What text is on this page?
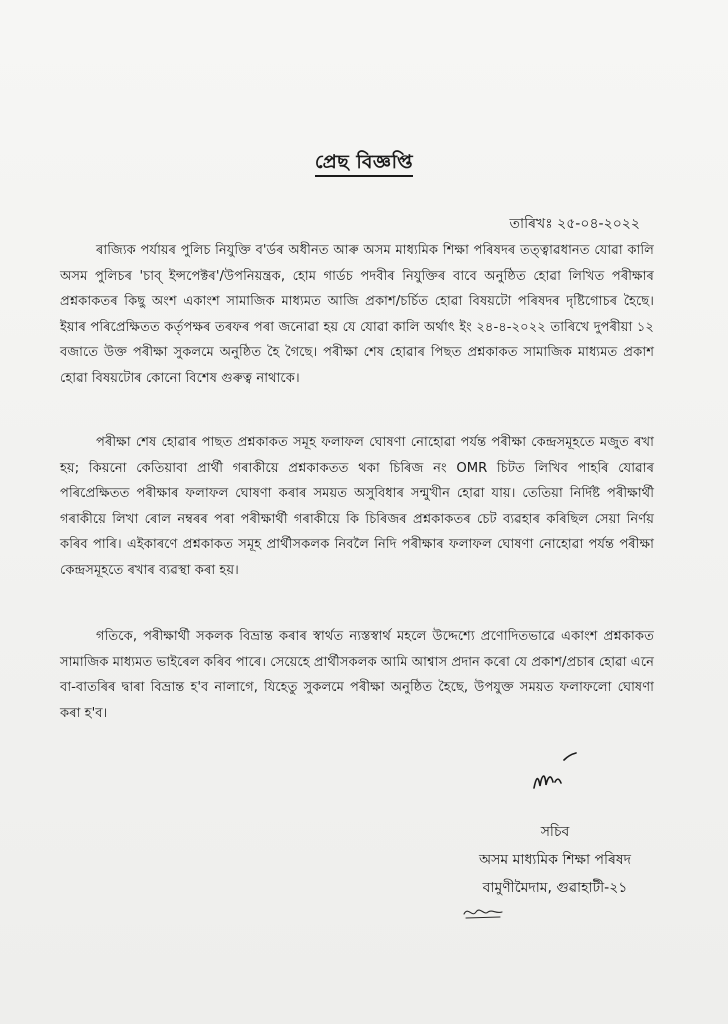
প্ৰেছ বিজ্ঞপ্তি
তাৰিখঃ ২৫-০৪-২০২২

ৰাজ্যিক পৰ্যায়ৰ পুলিচ নিযুক্তি ব'ৰ্ডৰ অধীনত আৰু অসম মাধ্যমিক শিক্ষা পৰিষদৰ তত্ত্বাৱধানত যোৱা কালি অসম পুলিচৰ 'চাব্ ইন্সপেক্টৰ'/উপনিয়ন্ত্ৰক, হোম গাৰ্ডচ পদবীৰ নিযুক্তিৰ বাবে অনুষ্ঠিত হোৱা লিখিত পৰীক্ষাৰ প্ৰশ্নকাকতৰ কিছু অংশ একাংশ সামাজিক মাধ্যমত আজি প্ৰকাশ/চৰ্চিত হোৱা বিষয়টো পৰিষদৰ দৃষ্টিগোচৰ হৈছে। ইয়াৰ পৰিপ্ৰেক্ষিতত কৰ্তৃপক্ষৰ তৰফৰ পৰা জনোৱা হয় যে যোৱা কালি অৰ্থাৎ ইং ২৪-৪-২০২২ তাৰিখে দুপৰীয়া ১২ বজাতে উক্ত পৰীক্ষা সুকলমে অনুষ্ঠিত হৈ গৈছে। পৰীক্ষা শেষ হোৱাৰ পিছত প্ৰশ্নকাকত সামাজিক মাধ্যমত প্ৰকাশ হোৱা বিষয়টোৰ কোনো বিশেষ গুৰুত্ব নাথাকে।

পৰীক্ষা শেষ হোৱাৰ পাছত প্ৰশ্নকাকত সমূহ ফলাফল ঘোষণা নোহোৱা পৰ্যন্ত পৰীক্ষা কেন্দ্ৰসমূহতে মজুত ৰখা হয়; কিয়নো কেতিয়াবা প্ৰাৰ্থী গৰাকীয়ে প্ৰশ্নকাকতত থকা চিৰিজ নং OMR চিটত লিখিব পাহৰি যোৱাৰ পৰিপ্ৰেক্ষিতত পৰীক্ষাৰ ফলাফল ঘোষণা কৰাৰ সময়ত অসুবিধাৰ সন্মুখীন হোৱা যায়। তেতিয়া নিৰ্দিষ্ট পৰীক্ষাৰ্থী গৰাকীয়ে লিখা ৰোল নম্বৰৰ পৰা পৰীক্ষাৰ্থী গৰাকীয়ে কি চিৰিজৰ প্ৰশ্নকাকতৰ চেট ব্যৱহাৰ কৰিছিল সেয়া নিৰ্ণয় কৰিব পাৰি। এইকাৰণে প্ৰশ্নকাকত সমূহ প্ৰাৰ্থীসকলক নিবলৈ নিদি পৰীক্ষাৰ ফলাফল ঘোষণা নোহোৱা পৰ্যন্ত পৰীক্ষা কেন্দ্ৰসমূহতে ৰখাৰ ব্যৱস্থা কৰা হয়।

গতিকে, পৰীক্ষাৰ্থী সকলক বিভ্ৰান্ত কৰাৰ স্বাৰ্থত ন্যস্তস্বাৰ্থ মহলে উদ্দেশ্যে প্ৰণোদিতভাৱে একাংশ প্ৰশ্নকাকত সামাজিক মাধ্যমত ভাইৰেল কৰিব পাৰে। সেয়েহে প্ৰাৰ্থীসকলক আমি আশ্বাস প্ৰদান কৰো যে প্ৰকাশ/প্ৰচাৰ হোৱা এনে বা-বাতৰিৰ দ্বাৰা বিভ্ৰান্ত হ'ব নালাগে, যিহেতু সুকলমে পৰীক্ষা অনুষ্ঠিত হৈছে, উপযুক্ত সময়ত ফলাফলো ঘোষণা কৰা হ'ব।

সচিব
অসম মাধ্যমিক শিক্ষা পৰিষদ
বামুণীমৈদাম, গুৱাহাটী-২১
